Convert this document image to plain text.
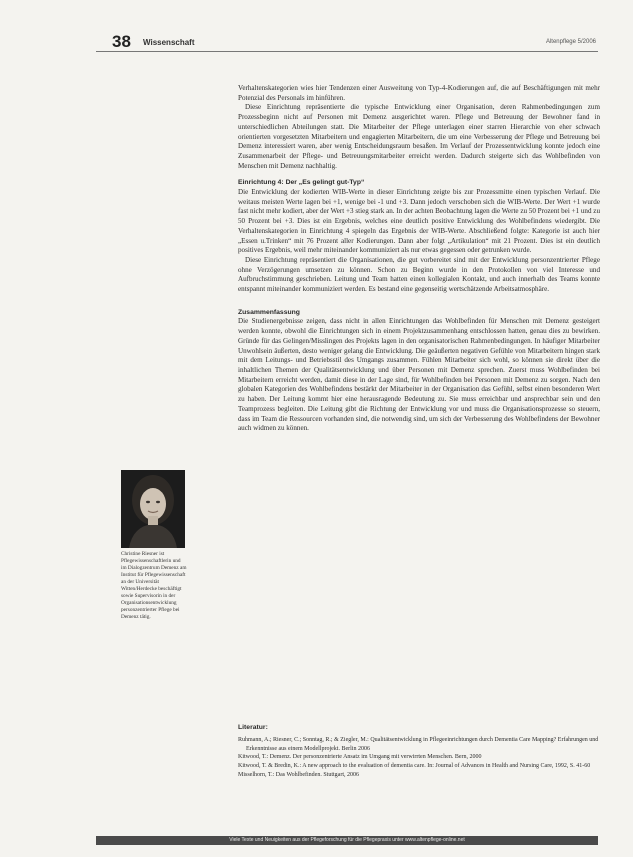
38 Wissenschaft	Altenpflege 5/2006

Verhaltenskategorien wies hier Tendenzen einer Ausweitung von Typ-4-Kodierungen auf, die auf Beschäftigungen mit mehr Potenzial des Personals im hinführen.

Diese Einrichtung repräsentierte die typische Entwicklung einer Organisation, deren Rahmenbedingungen zum Prozessbeginn nicht auf Personen mit Demenz ausgerichtet waren. Pflege und Betreuung der Bewohner fand in unterschiedlichen Abteilungen statt. Die Mitarbeiter der Pflege unterlagen einer starren Hierarchie von eher schwach orientierten vorgesetzten Mitarbeitern und engagierten Mitarbeitern, die um eine Verbesserung der Pflege und Betreuung bei Demenz interessiert waren, aber wenig Entscheidungsraum besaßen. Im Verlauf der Prozessentwicklung konnte jedoch eine Zusammenarbeit der Pflege- und Betreuungsmitarbeiter erreicht werden. Dadurch steigerte sich das Wohlbefinden von Menschen mit Demenz nachhaltig.

Einrichtung 4: Der „Es gelingt gut-Typ“

Die Entwicklung der kodierten WIB-Werte in dieser Einrichtung zeigte bis zur Prozessmitte einen typischen Verlauf. Die weitaus meisten Werte lagen bei +1, wenige bei -1 und +3. Dann jedoch verschoben sich die WIB-Werte. Der Wert +1 wurde fast nicht mehr kodiert, aber der Wert +3 stieg stark an. In der achten Beobachtung lagen die Werte zu 50 Prozent bei +1 und zu 50 Prozent bei +3. Dies ist ein Ergebnis, welches eine deutlich positive Entwicklung des Wohlbefindens wiedergibt. Die Verhaltenskategorien in Einrichtung 4 spiegeln das Ergebnis der WIB-Werte. Abschließend folgte: Kategorie ist auch hier „Essen u.Trinken“ mit 76 Prozent aller Kodierungen. Dann aber folgt „Artikulation“ mit 21 Prozent. Dies ist ein deutlich positives Ergebnis, weil mehr miteinander kommuniziert als nur etwas gegessen oder getrunken wurde.

Diese Einrichtung repräsentiert die Organisationen, die gut vorbereitet sind mit der Entwicklung personzentrierter Pflege ohne Verzögerungen umsetzen zu können. Schon zu Beginn wurde in den Protokollen von viel Interesse und Aufbruchstimmung geschrieben. Leitung und Team hatten einen kollegialen Kontakt, und auch innerhalb des Teams konnte entspannt miteinander kommuniziert werden. Es bestand eine gegenseitig wertschätzende Arbeitsatmosphäre.

Zusammenfassung

Die Studienergebnisse zeigen, dass nicht in allen Einrichtungen das Wohlbefinden für Menschen mit Demenz gesteigert werden konnte, obwohl die Einrichtungen sich in einem Projektzusammenhang entschlossen hatten, genau dies zu bewirken. Gründe für das Gelingen/Misslingen des Projekts lagen in den organisatorischen Rahmenbedingungen. In häufiger Mitarbeiter Unwohlsein äußerten, desto weniger gelang die Entwicklung. Die geäußerten negativen Gefühle von Mitarbeitern hingen stark mit dem Leitungs- und Betriebsstil des Umgangs zusammen. Fühlen Mitarbeiter sich wohl, so können sie direkt über die inhaltlichen Themen der Qualitätsentwicklung und über Personen mit Demenz sprechen. Zuerst muss Wohlbefinden bei Mitarbeitern erreicht werden, damit diese in der Lage sind, für Wohlbefinden bei Personen mit Demenz zu sorgen. Nach den globalen Kategorien des Wohlbefindens bestärkt der Mitarbeiter in der Organisation das Gefühl, selbst einen besonderen Wert zu haben. Der Leitung kommt hier eine herausragende Bedeutung zu. Sie muss erreichbar und ansprechbar sein und den Teamprozess begleiten. Die Leitung gibt die Richtung der Entwicklung vor und muss die Organisationsprozesse so steuern, dass im Team die Ressourcen vorhanden sind, die notwendig sind, um sich der Verbesserung des Wohlbefindens der Bewohner auch widmen zu können.

Literatur:

Ruhmann, A.; Riesner, C.; Sonntag, R.; & Ziegler, M.: Qualitätsentwicklung in Pflegeeinrichtungen durch Dementia Care Mapping? Erfahrungen und Erkenntnisse aus einem Modellprojekt. Berlin 2006

Kitwood, T.: Demenz. Der personzentrierte Ansatz im Umgang mit verwirrten Menschen. Bern, 2000

Kitwood, T. & Bredin, K.: A new approach to the evaluation of dementia care. In: Journal of Advances in Health and Nursing Care, 1992, S. 41-60

Misselhorn, T.: Das Wohlbefinden. Stuttgart, 2006

Christine Riesner ist Pflegewissenschaftlerin und im Dialogzentrum Demenz am Institut für Pflegewissenschaft an der Universität Witten/Herdecke beschäftigt sowie Supervisorin in der Organisationsentwicklung personzentrierter Pflege bei Demenz tätig.
Viele Texte und Neuigkeiten aus der Pflegeforschung für die Pflegepraxis unter www.altenpflege-online.net
